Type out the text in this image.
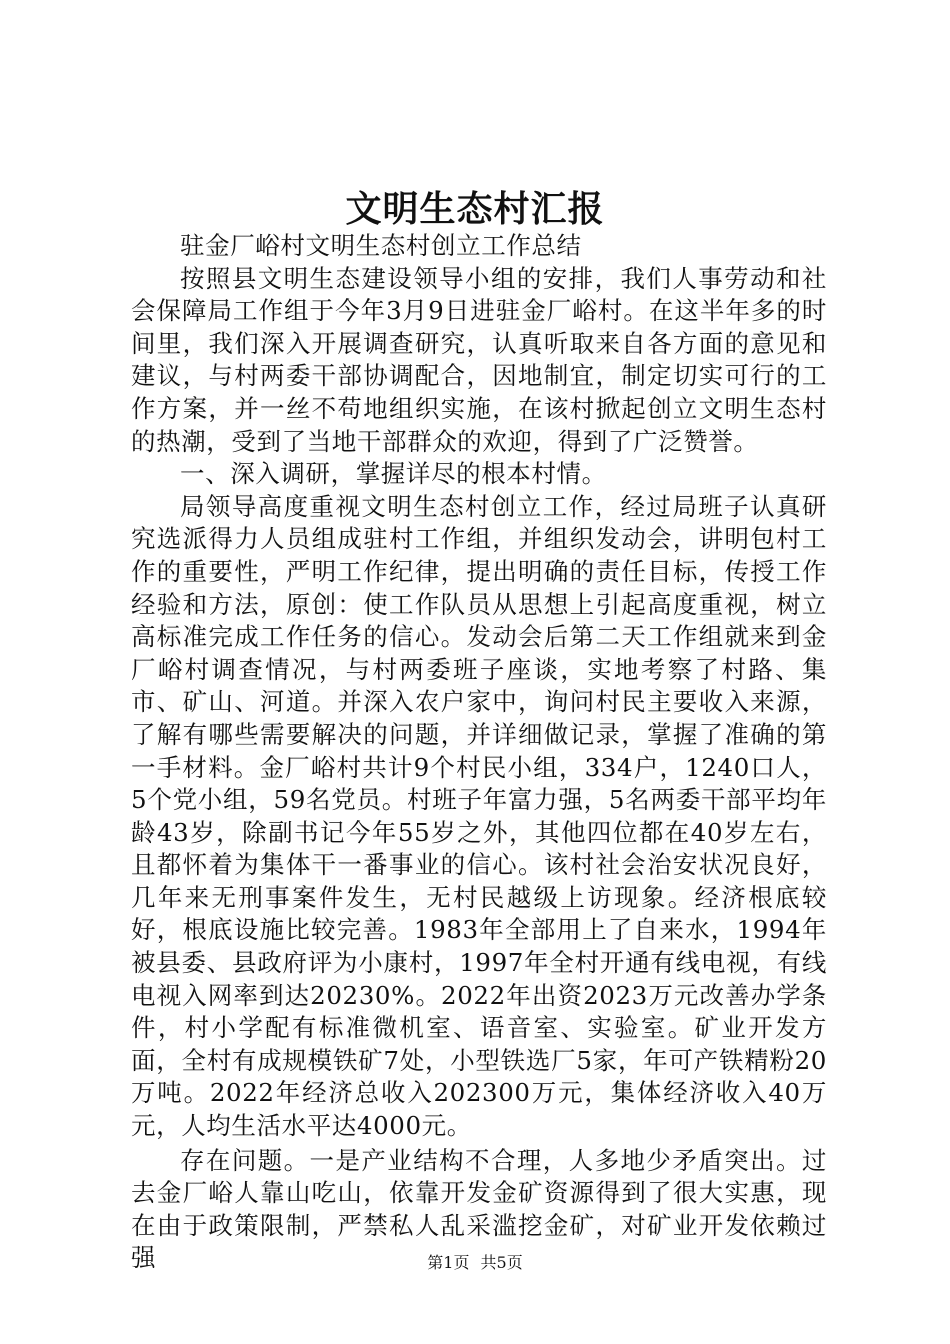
文明生态村汇报

驻金厂峪村文明生态村创立工作总结

按照县文明生态建设领导小组的安排，我们人事劳动和社会保障局工作组于今年3月9日进驻金厂峪村。在这半年多的时间里，我们深入开展调查研究，认真听取来自各方面的意见和建议，与村两委干部协调配合，因地制宜，制定切实可行的工作方案，并一丝不苟地组织实施，在该村掀起创立文明生态村的热潮，受到了当地干部群众的欢迎，得到了广泛赞誉。

一、深入调研，掌握详尽的根本村情。

局领导高度重视文明生态村创立工作，经过局班子认真研究选派得力人员组成驻村工作组，并组织发动会，讲明包村工作的重要性，严明工作纪律，提出明确的责任目标，传授工作经验和方法，原创：使工作队员从思想上引起高度重视，树立高标准完成工作任务的信心。发动会后第二天工作组就来到金厂峪村调查情况，与村两委班子座谈，实地考察了村路、集市、矿山、河道。并深入农户家中，询问村民主要收入来源，了解有哪些需要解决的问题，并详细做记录，掌握了准确的第一手材料。金厂峪村共计9个村民小组，334户，1240口人，5个党小组，59名党员。村班子年富力强，5名两委干部平均年龄43岁，除副书记今年55岁之外，其他四位都在40岁左右，且都怀着为集体干一番事业的信心。该村社会治安状况良好，几年来无刑事案件发生，无村民越级上访现象。经济根底较好，根底设施比较完善。1983年全部用上了自来水，1994年被县委、县政府评为小康村，1997年全村开通有线电视，有线电视入网率到达20230%。2022年出资2023万元改善办学条件，村小学配有标准微机室、语音室、实验室。矿业开发方面，全村有成规模铁矿7处，小型铁选厂5家，年可产铁精粉20万吨。2022年经济总收入202300万元，集体经济收入40万元，人均生活水平达4000元。

存在问题。一是产业结构不合理，人多地少矛盾突出。过去金厂峪人靠山吃山，依靠开发金矿资源得到了很大实惠，现在由于政策限制，严禁私人乱采滥挖金矿，对矿业开发依赖过强	第1页 共5页
